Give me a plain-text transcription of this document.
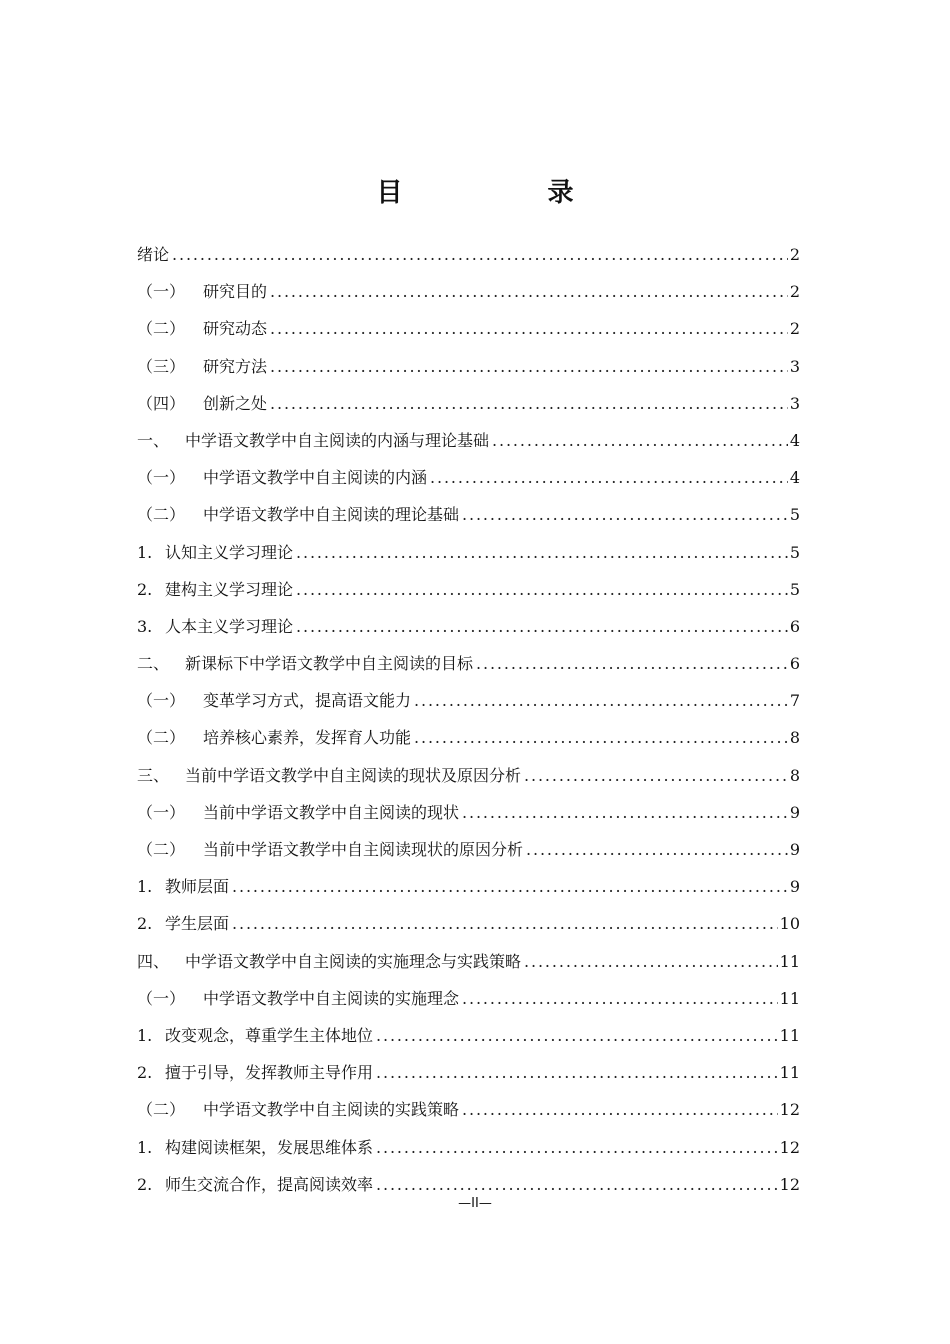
目 录
绪论 . . .	2
（一） 研究目的 . . .	2
（二） 研究动态 . . .	2
（三） 研究方法 . . .	3
（四） 创新之处 . . .	3
一、 中学语文教学中自主阅读的内涵与理论基础 . . .	4
（一） 中学语文教学中自主阅读的内涵 . . .	4
（二） 中学语文教学中自主阅读的理论基础 . . .	5
1. 认知主义学习理论 . . .	5
2. 建构主义学习理论 . . .	5
3. 人本主义学习理论 . . .	6
二、 新课标下中学语文教学中自主阅读的目标 . . .	6
（一） 变革学习方式，提高语文能力 . . .	7
（二） 培养核心素养，发挥育人功能 . . .	8
三、 当前中学语文教学中自主阅读的现状及原因分析 . . .	8
（一） 当前中学语文教学中自主阅读的现状 . . .	9
（二） 当前中学语文教学中自主阅读现状的原因分析 . . .	9
1. 教师层面 . . .	9
2. 学生层面 . . .	10
四、 中学语文教学中自主阅读的实施理念与实践策略 . . .	11
（一） 中学语文教学中自主阅读的实施理念 . . .	11
1. 改变观念，尊重学生主体地位 . . .	11
2. 擅于引导，发挥教师主导作用 . . .	11
（二） 中学语文教学中自主阅读的实践策略 . . .	12
1. 构建阅读框架，发展思维体系 . . .	12
2. 师生交流合作，提高阅读效率 . . .	12
—II—
